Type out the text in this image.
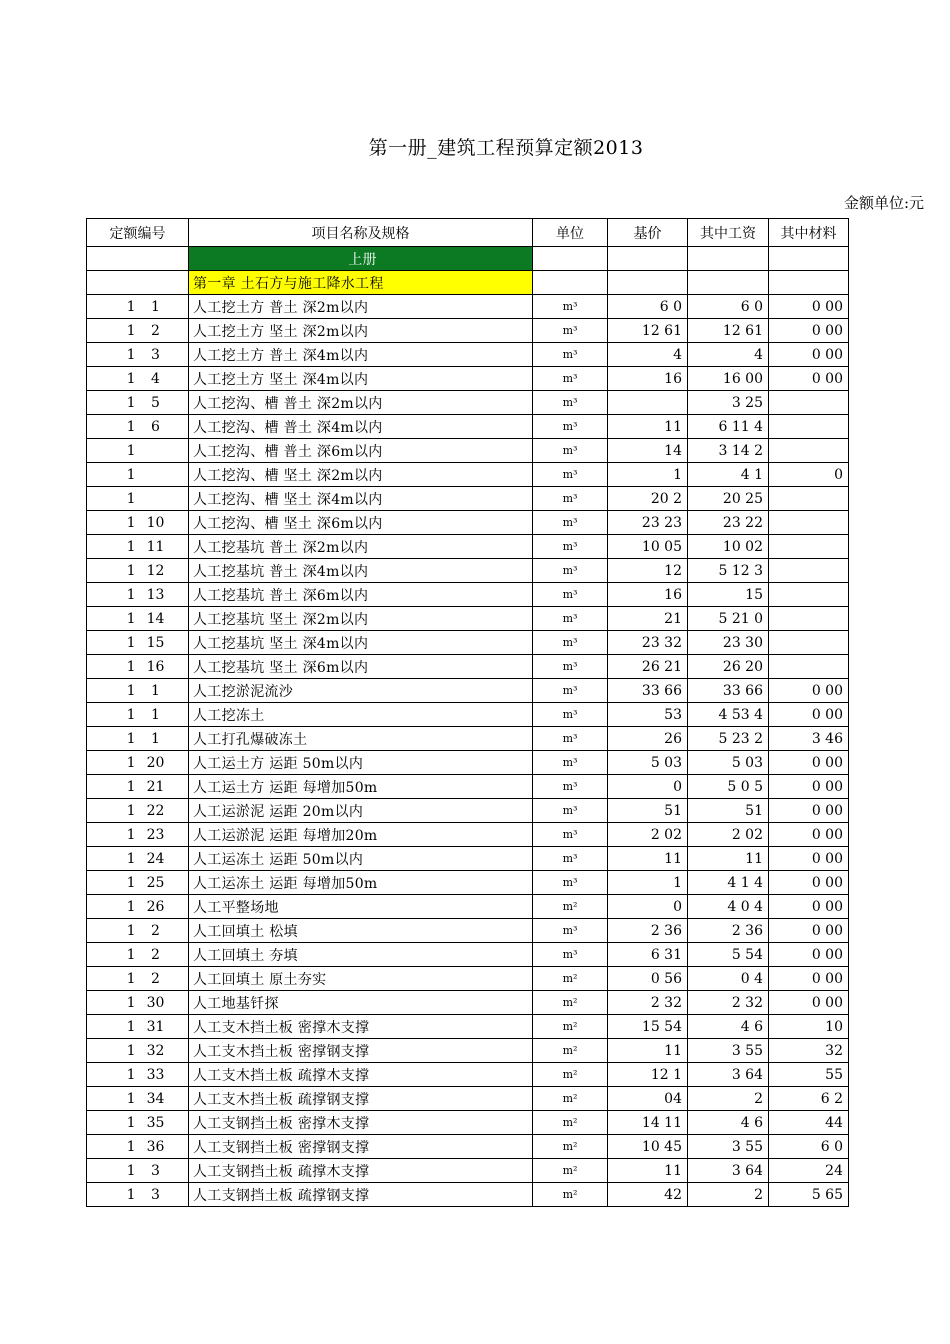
第一册_建筑工程预算定额2013
金额单位:元
定额编号	项目名称及规格	单位	基价	其中工资	其中材料
	上册				
	第一章 土石方与施工降水工程				
1 1	人工挖土方 普土 深2m以内	m³	6 0	6 0	0 00
1 2	人工挖土方 坚土 深2m以内	m³	12 61	12 61	0 00
1 3	人工挖土方 普土 深4m以内	m³	4	4	0 00
1 4	人工挖土方 坚土 深4m以内	m³	16	16 00	0 00
1 5	人工挖沟、槽 普土 深2m以内	m³		3 25	
1 6	人工挖沟、槽 普土 深4m以内	m³	11	6 11 4	
1	人工挖沟、槽 普土 深6m以内	m³	14	3 14 2	
1	人工挖沟、槽 坚土 深2m以内	m³	1	4 1	0
1	人工挖沟、槽 坚土 深4m以内	m³	20 2	20 25	
1 10	人工挖沟、槽 坚土 深6m以内	m³	23 23	23 22	
1 11	人工挖基坑 普土 深2m以内	m³	10 05	10 02	
1 12	人工挖基坑 普土 深4m以内	m³	12	5 12 3	
1 13	人工挖基坑 普土 深6m以内	m³	16	15	
1 14	人工挖基坑 坚土 深2m以内	m³	21	5 21 0	
1 15	人工挖基坑 坚土 深4m以内	m³	23 32	23 30	
1 16	人工挖基坑 坚土 深6m以内	m³	26 21	26 20	
1 1	人工挖淤泥流沙	m³	33 66	33 66	0 00
1 1	人工挖冻土	m³	53	4 53 4	0 00
1 1	人工打孔爆破冻土	m³	26	5 23 2	3 46
1 20	人工运土方 运距 50m以内	m³	5 03	5 03	0 00
1 21	人工运土方 运距 每增加50m	m³	0	5 0 5	0 00
1 22	人工运淤泥 运距 20m以内	m³	51	51	0 00
1 23	人工运淤泥 运距 每增加20m	m³	2 02	2 02	0 00
1 24	人工运冻土 运距 50m以内	m³	11	11	0 00
1 25	人工运冻土 运距 每增加50m	m³	1	4 1 4	0 00
1 26	人工平整场地	m²	0	4 0 4	0 00
1 2	人工回填土 松填	m³	2 36	2 36	0 00
1 2	人工回填土 夯填	m³	6 31	5 54	0 00
1 2	人工回填土 原土夯实	m²	0 56	0 4	0 00
1 30	人工地基钎探	m²	2 32	2 32	0 00
1 31	人工支木挡土板 密撑木支撑	m²	15 54	4 6	10
1 32	人工支木挡土板 密撑钢支撑	m²	11	3 55	32
1 33	人工支木挡土板 疏撑木支撑	m²	12 1	3 64	55
1 34	人工支木挡土板 疏撑钢支撑	m²	04	2	6 2
1 35	人工支钢挡土板 密撑木支撑	m²	14 11	4 6	44
1 36	人工支钢挡土板 密撑钢支撑	m²	10 45	3 55	6 0
1 3	人工支钢挡土板 疏撑木支撑	m²	11	3 64	24
1 3	人工支钢挡土板 疏撑钢支撑	m²	42	2	5 65
